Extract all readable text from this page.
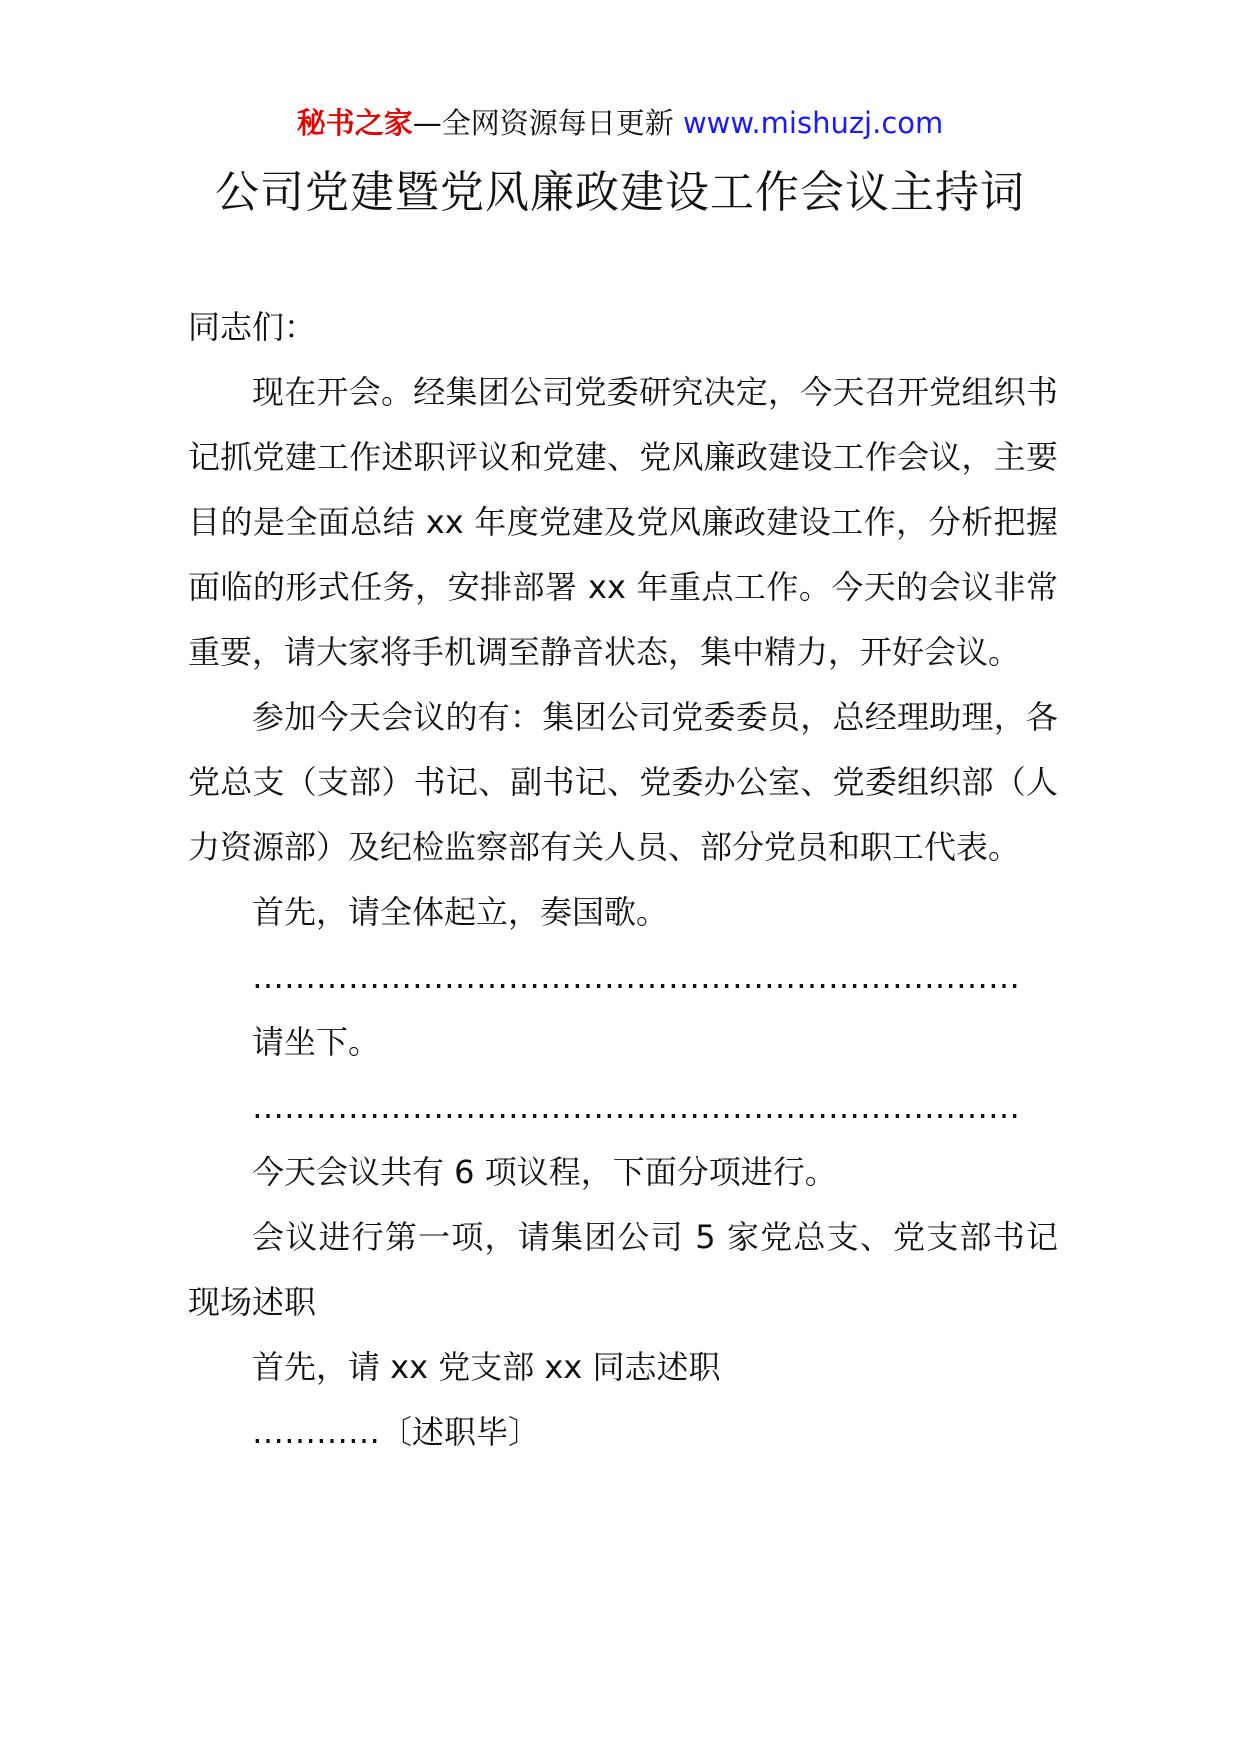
秘书之家—全网资源每日更新 www.mishuzj.com
公司党建暨党风廉政建设工作会议主持词

同志们：

现在开会。经集团公司党委研究决定，今天召开党组织书记抓党建工作述职评议和党建、党风廉政建设工作会议，主要目的是全面总结 xx 年度党建及党风廉政建设工作，分析把握面临的形式任务，安排部署 xx 年重点工作。今天的会议非常重要，请大家将手机调至静音状态，集中精力，开好会议。

参加今天会议的有：集团公司党委委员，总经理助理，各党总支（支部）书记、副书记、党委办公室、党委组织部（人力资源部）及纪检监察部有关人员、部分党员和职工代表。

首先，请全体起立，奏国歌。

………………………………………………………………

请坐下。

………………………………………………………………

今天会议共有 6 项议程，下面分项进行。

会议进行第一项，请集团公司 5 家党总支、党支部书记现场述职

首先，请 xx 党支部 xx 同志述职

…………〔述职毕〕
